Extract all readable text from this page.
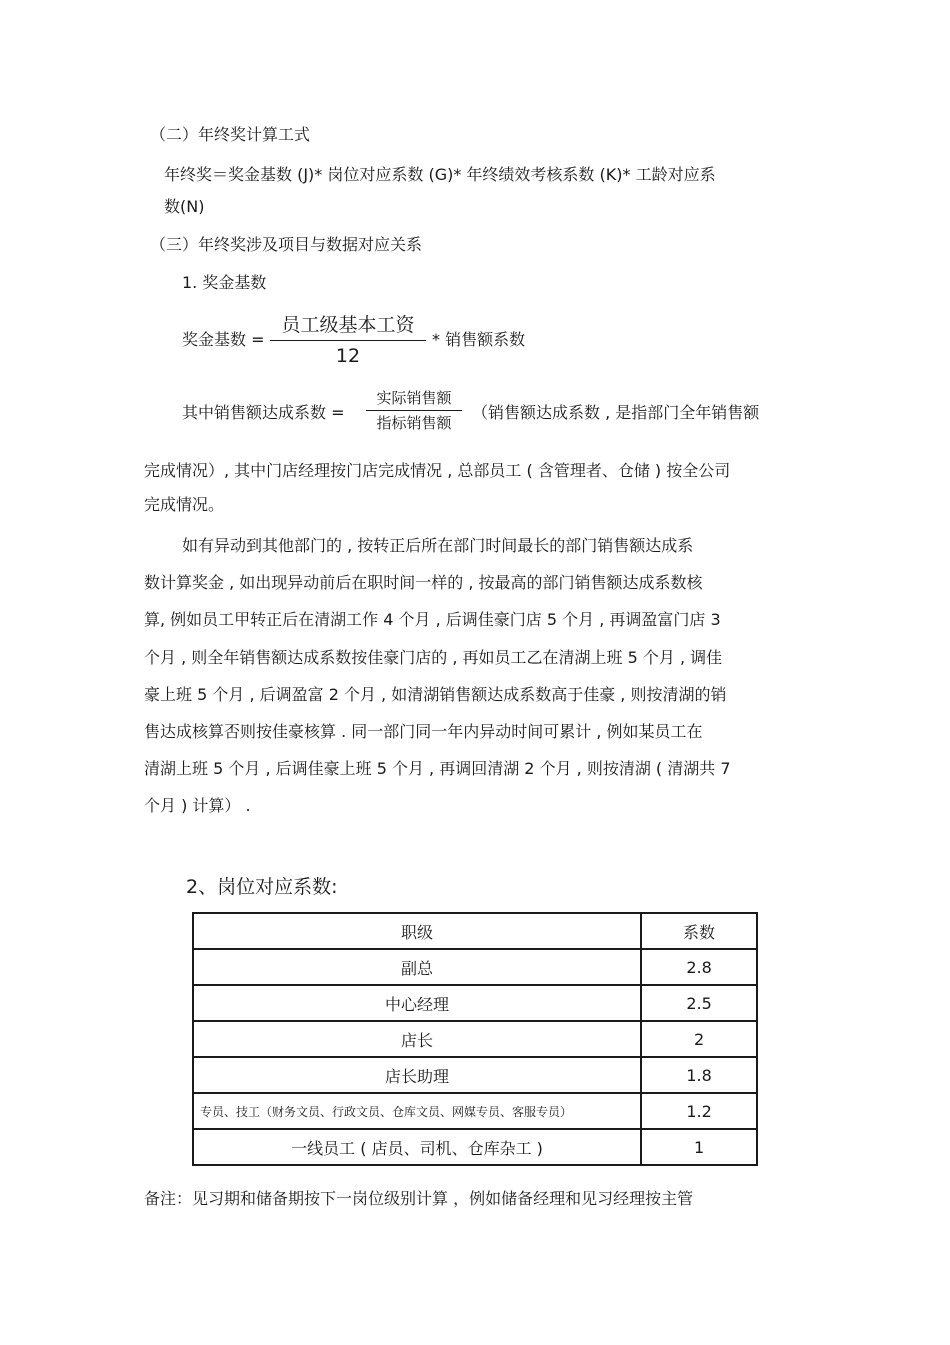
（二）年终奖计算工式
年终奖＝奖金基数 (J)* 岗位对应系数 (G)* 年终绩效考核系数 (K)* 工龄对应系
数(N)
（三）年终奖涉及项目与数据对应关系
1. 奖金基数
奖金基数 =
员工级基本工资
12
* 销售额系数
其中销售额达成系数 =
实际销售额
指标销售额
（销售额达成系数 , 是指部门全年销售额
完成情况）, 其中门店经理按门店完成情况 , 总部员工 ( 含管理者、仓储 ) 按全公司
完成情况。
如有异动到其他部门的 , 按转正后所在部门时间最长的部门销售额达成系
数计算奖金 , 如出现异动前后在职时间一样的 , 按最高的部门销售额达成系数核
算, 例如员工甲转正后在清湖工作 4 个月 , 后调佳豪门店 5 个月 , 再调盈富门店 3
个月 , 则全年销售额达成系数按佳豪门店的 , 再如员工乙在清湖上班 5 个月 , 调佳
豪上班 5 个月 , 后调盈富 2 个月 , 如清湖销售额达成系数高于佳豪 , 则按清湖的销
售达成核算否则按佳豪核算 . 同一部门同一年内异动时间可累计 , 例如某员工在
清湖上班 5 个月 , 后调佳豪上班 5 个月 , 再调回清湖 2 个月 , 则按清湖 ( 清湖共 7
个月 ) 计算） .
2、岗位对应系数:
职级	系数
副总	2.8
中心经理	2.5
店长	2
店长助理	1.8
专员、技工（财务文员、行政文员、仓库文员、网媒专员、客服专员）	1.2
一线员工 ( 店员、司机、仓库杂工 )	1
备注：见习期和储备期按下一岗位级别计算 ，例如储备经理和见习经理按主管
